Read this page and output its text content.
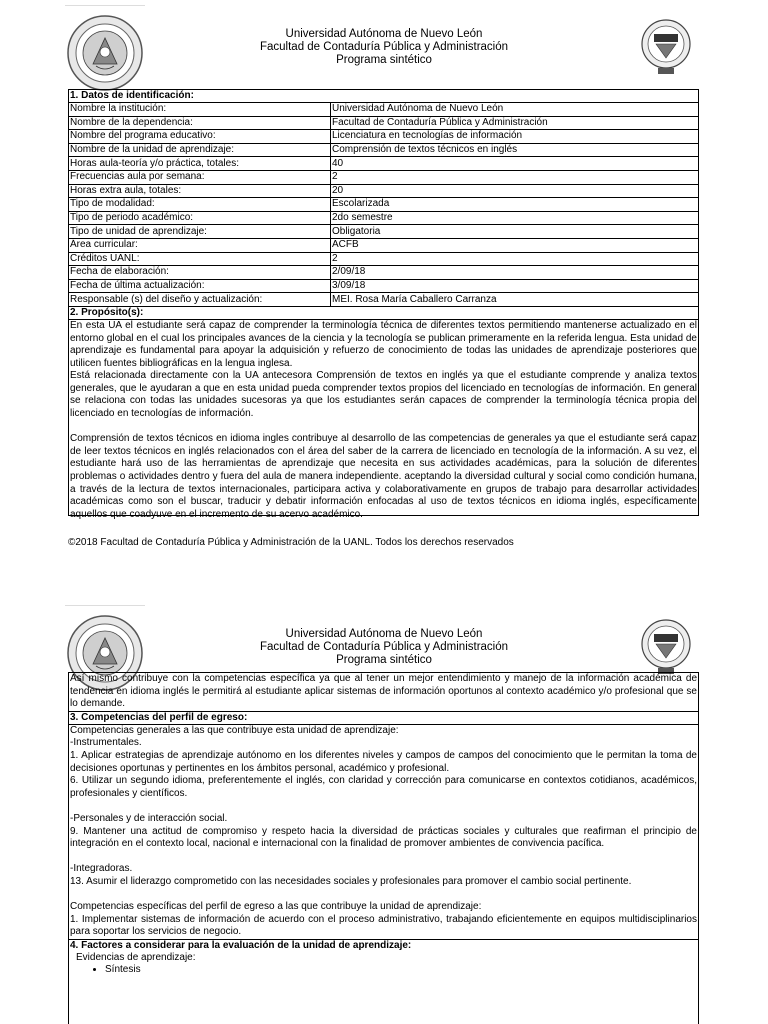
Universidad Autónoma de Nuevo León
Facultad de Contaduría Pública y Administración
Programa sintético
1. Datos de identificación:
Nombre la institución:	Universidad Autónoma de Nuevo León
Nombre de la dependencia:	Facultad de Contaduría Pública y Administración
Nombre del programa educativo:	Licenciatura en tecnologías de información
Nombre de la unidad de aprendizaje:	Comprensión de textos técnicos en inglés
Horas aula-teoría y/o práctica, totales:	40
Frecuencias aula por semana:	2
Horas extra aula, totales:	20
Tipo de modalidad:	Escolarizada
Tipo de periodo académico:	2do semestre
Tipo de unidad de aprendizaje:	Obligatoria
Área curricular:	ACFB
Créditos UANL:	2
Fecha de elaboración:	2/09/18
Fecha de última actualización:	3/09/18
Responsable (s) del diseño y actualización:	MEI. Rosa María Caballero Carranza
2. Propósito(s):

En esta UA el estudiante será capaz de comprender la terminología técnica de diferentes textos permitiendo mantenerse actualizado en el entorno global en el cual los principales avances de la ciencia y la tecnología se publican primeramente en la referida lengua. Esta unidad de aprendizaje es fundamental para apoyar la adquisición y refuerzo de conocimiento de todas las unidades de aprendizaje posteriores que utilicen fuentes bibliográficas en la lengua inglesa.

Está relacionada directamente con la UA antecesora Comprensión de textos en inglés ya que el estudiante comprende y analiza textos generales, que le ayudaran a que en esta unidad pueda comprender textos propios del licenciado en tecnologías de información. En general se relaciona con todas las unidades sucesoras ya que los estudiantes serán capaces de comprender la terminología técnica propia del licenciado en tecnologías de información.

Comprensión de textos técnicos en idioma ingles contribuye al desarrollo de las competencias de generales ya que el estudiante será capaz de leer textos técnicos en inglés relacionados con el área del saber de la carrera de licenciado en tecnología de la información. A su vez, el estudiante hará uso de las herramientas de aprendizaje que necesita en sus actividades académicas, para la solución de diferentes problemas o actividades dentro y fuera del aula de manera independiente. aceptando la diversidad cultural y social como condición humana, a través de la lectura de textos internacionales, participara activa y colaborativamente en grupos de trabajo para desarrollar actividades académicas como son el buscar, traducir y debatir información enfocadas al uso de textos técnicos en idioma inglés, específicamente aquellos que coadyuve en el incremento de su acervo académico.

©2018 Facultad de Contaduría Pública y Administración de la UANL. Todos los derechos reservados
Universidad Autónoma de Nuevo León
Facultad de Contaduría Pública y Administración
Programa sintético
Así mismo contribuye con la competencias específica ya que al tener un mejor entendimiento y manejo de la información académica de tendencia en idioma inglés le permitirá al estudiante aplicar sistemas de información oportunos al contexto académico y/o profesional que se lo demande.
3. Competencias del perfil de egreso:

Competencias generales a las que contribuye esta unidad de aprendizaje:

-Instrumentales.

1. Aplicar estrategias de aprendizaje autónomo en los diferentes niveles y campos de campos del conocimiento que le permitan la toma de decisiones oportunas y pertinentes en los ámbitos personal, académico y profesional.

6. Utilizar un segundo idioma, preferentemente el inglés, con claridad y corrección para comunicarse en contextos cotidianos, académicos, profesionales y científicos.

-Personales y de interacción social.

9. Mantener una actitud de compromiso y respeto hacia la diversidad de prácticas sociales y culturales que reafirman el principio de integración en el contexto local, nacional e internacional con la finalidad de promover ambientes de convivencia pacífica.

-Integradoras.

13. Asumir el liderazgo comprometido con las necesidades sociales y profesionales para promover el cambio social pertinente.

Competencias específicas del perfil de egreso a las que contribuye la unidad de aprendizaje:

1. Implementar sistemas de información de acuerdo con el proceso administrativo, trabajando eficientemente en equipos multidisciplinarios para soportar los servicios de negocio.

4. Factores a considerar para la evaluación de la unidad de aprendizaje:
Evidencias de aprendizaje:
• Síntesis
